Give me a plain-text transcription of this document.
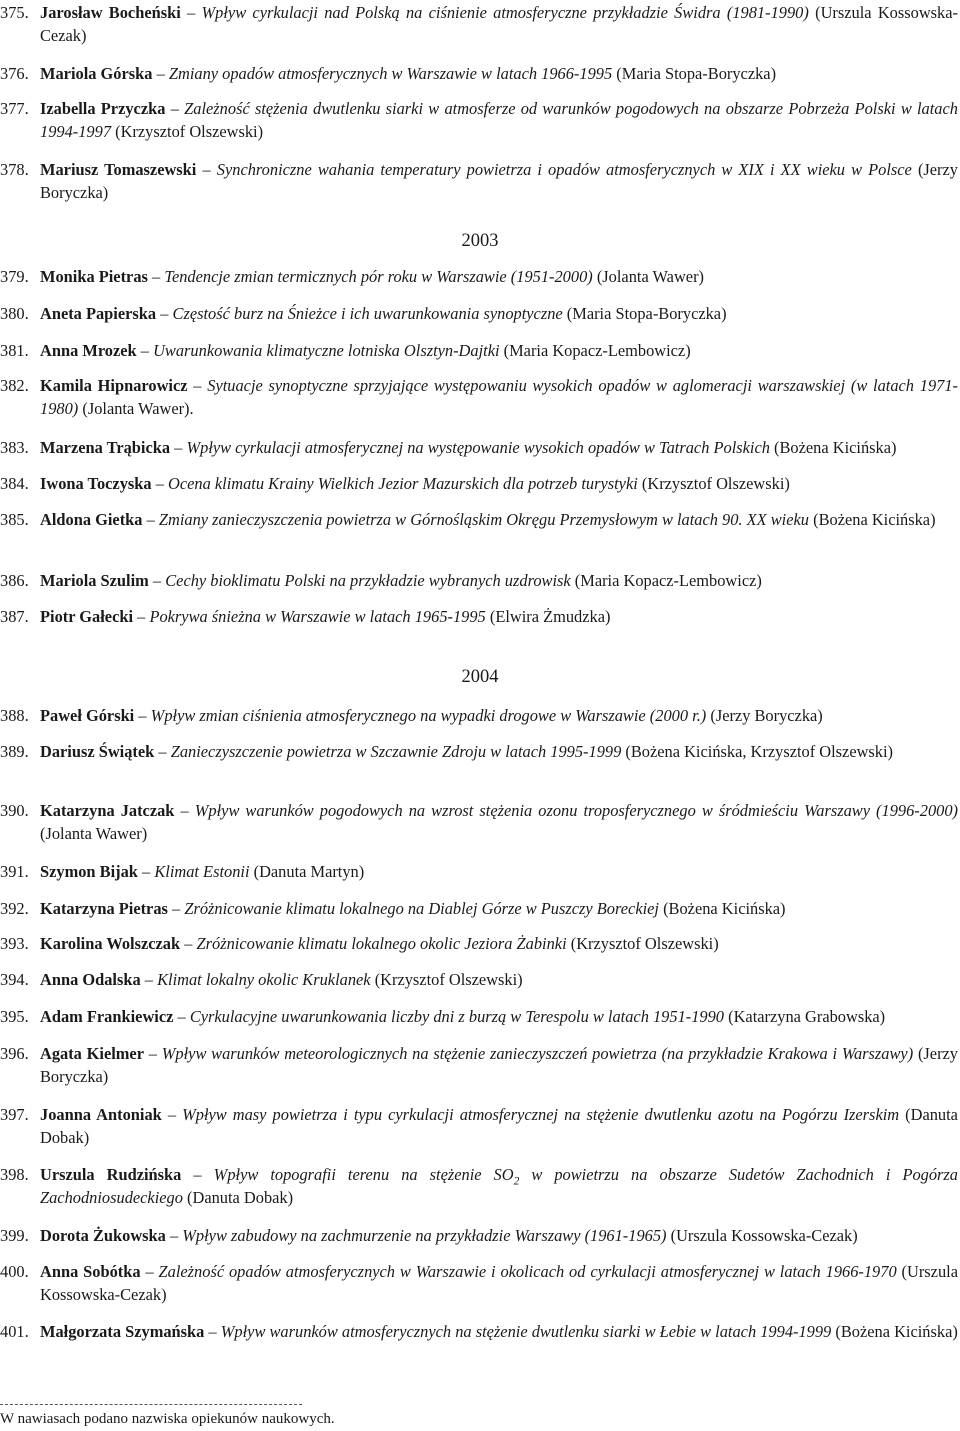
375. Jarosław Bocheński – Wpływ cyrkulacji nad Polską na ciśnienie atmosferyczne przykładzie Świdra (1981-1990) (Urszula Kossowska-Cezak)
376. Mariola Górska – Zmiany opadów atmosferycznych w Warszawie w latach 1966-1995 (Maria Stopa-Boryczka)
377. Izabella Przyczka – Zależność stężenia dwutlenku siarki w atmosferze od warunków pogodowych na obszarze Pobrzeża Polski w latach 1994-1997 (Krzysztof Olszewski)
378. Mariusz Tomaszewski – Synchroniczne wahania temperatury powietrza i opadów atmosferycznych w XIX i XX wieku w Polsce (Jerzy Boryczka)
2003
379. Monika Pietras – Tendencje zmian termicznych pór roku w Warszawie (1951-2000) (Jolanta Wawer)
380. Aneta Papierska – Częstość burz na Śnieżce i ich uwarunkowania synoptyczne (Maria Stopa-Boryczka)
381. Anna Mrozek – Uwarunkowania klimatyczne lotniska Olsztyn-Dajtki (Maria Kopacz-Lembowicz)
382. Kamila Hipnarowicz – Sytuacje synoptyczne sprzyjające występowaniu wysokich opadów w aglomeracji warszawskiej (w latach 1971-1980) (Jolanta Wawer).
383. Marzena Trąbicka – Wpływ cyrkulacji atmosferycznej na występowanie wysokich opadów w Tatrach Polskich (Bożena Kicińska)
384. Iwona Toczyska – Ocena klimatu Krainy Wielkich Jezior Mazurskich dla potrzeb turystyki (Krzysztof Olszewski)
385. Aldona Gietka – Zmiany zanieczyszczenia powietrza w Górnośląskim Okręgu Przemysłowym w latach 90. XX wieku (Bożena Kicińska)
386. Mariola Szulim – Cechy bioklimatu Polski na przykładzie wybranych uzdrowisk (Maria Kopacz-Lembowicz)
387. Piotr Gałecki – Pokrywa śnieżna w Warszawie w latach 1965-1995 (Elwira Żmudzka)
2004
388. Paweł Górski – Wpływ zmian ciśnienia atmosferycznego na wypadki drogowe w Warszawie (2000 r.) (Jerzy Boryczka)
389. Dariusz Świątek – Zanieczyszczenie powietrza w Szczawnie Zdroju w latach 1995-1999 (Bożena Kicińska, Krzysztof Olszewski)
390. Katarzyna Jatczak – Wpływ warunków pogodowych na wzrost stężenia ozonu troposferycznego w śródmieściu Warszawy (1996-2000) (Jolanta Wawer)
391. Szymon Bijak – Klimat Estonii (Danuta Martyn)
392. Katarzyna Pietras – Zróżnicowanie klimatu lokalnego na Diablej Górze w Puszczy Boreckiej (Bożena Kicińska)
393. Karolina Wolszczak – Zróżnicowanie klimatu lokalnego okolic Jeziora Żabinki (Krzysztof Olszewski)
394. Anna Odalska – Klimat lokalny okolic Kruklanek (Krzysztof Olszewski)
395. Adam Frankiewicz – Cyrkulacyjne uwarunkowania liczby dni z burzą w Terespolu w latach 1951-1990 (Katarzyna Grabowska)
396. Agata Kielmer – Wpływ warunków meteorologicznych na stężenie zanieczyszczeń powietrza (na przykładzie Krakowa i Warszawy) (Jerzy Boryczka)
397. Joanna Antoniak – Wpływ masy powietrza i typu cyrkulacji atmosferycznej na stężenie dwutlenku azotu na Pogórzu Izerskim (Danuta Dobak)
398. Urszula Rudzińska – Wpływ topografii terenu na stężenie $SO_2$ w powietrzu na obszarze Sudetów Zachodnich i Pogórza Zachodniosudeckiego (Danuta Dobak)
399. Dorota Żukowska – Wpływ zabudowy na zachmurzenie na przykładzie Warszawy (1961-1965) (Urszula Kossowska-Cezak)
400. Anna Sobótka – Zależność opadów atmosferycznych w Warszawie i okolicach od cyrkulacji atmosferycznej w latach 1966-1970 (Urszula Kossowska-Cezak)
401. Małgorzata Szymańska – Wpływ warunków atmosferycznych na stężenie dwutlenku siarki w Łebie w latach 1994-1999 (Bożena Kicińska)
W nawiasach podano nazwiska opiekunów naukowych.
